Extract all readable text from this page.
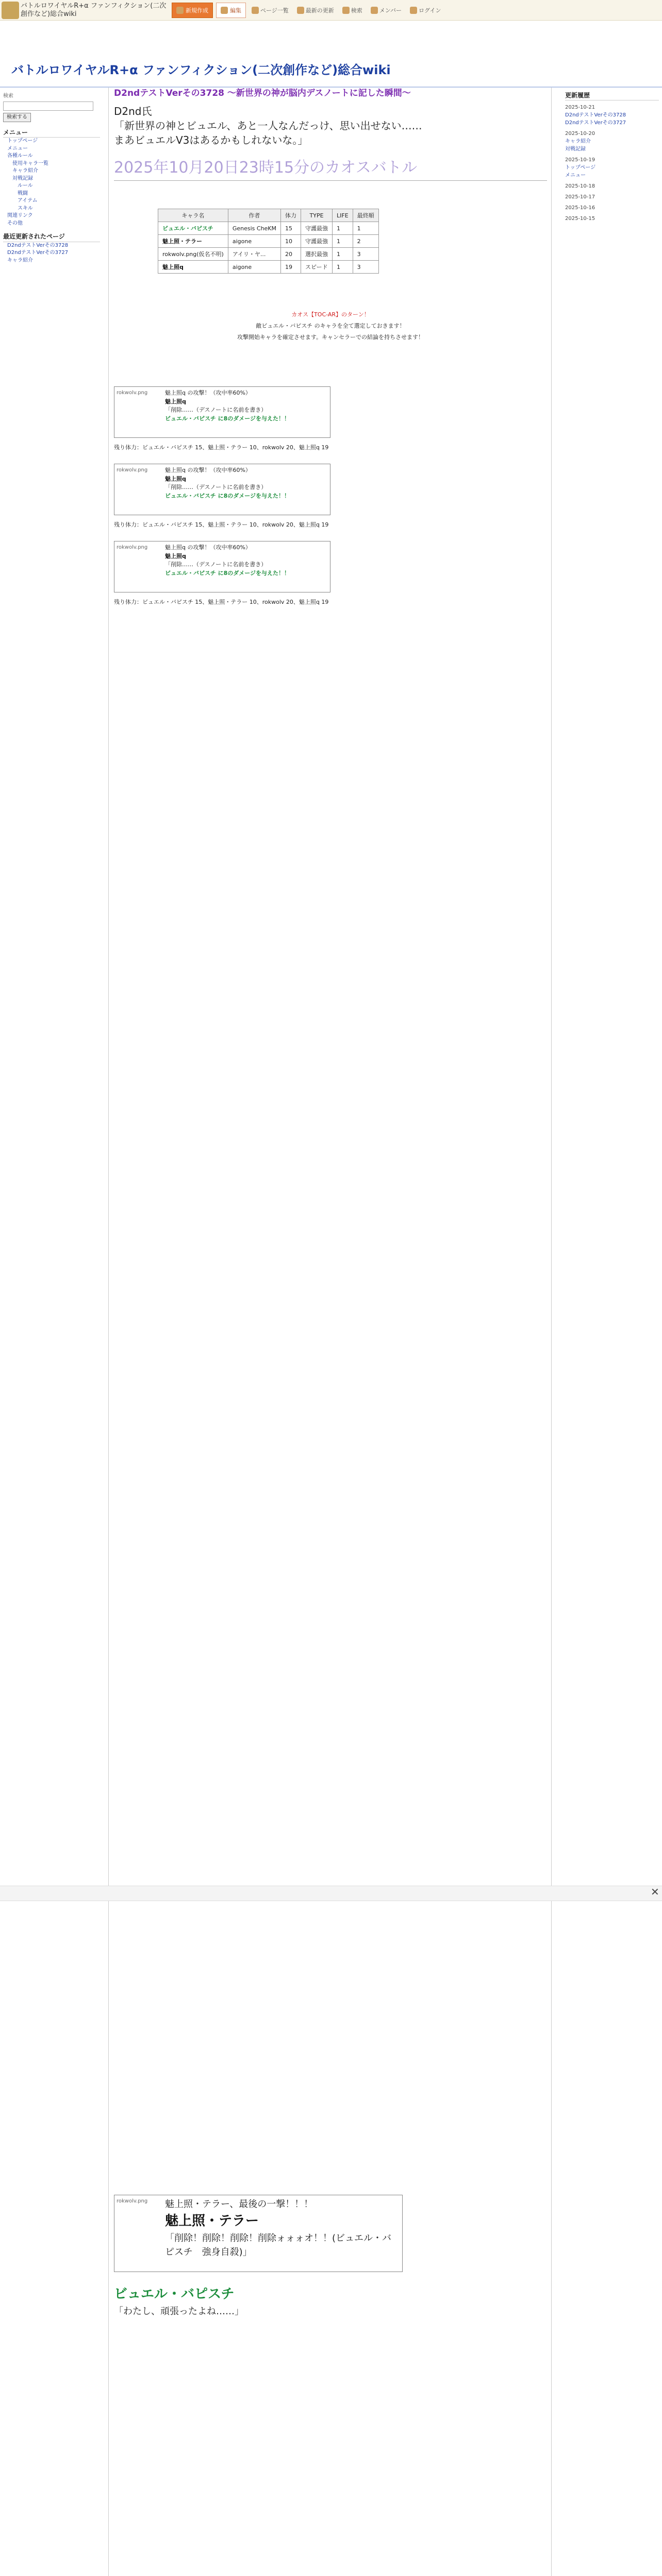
バトルロワイヤルR+α ファンフィクション(二次創作など)総合wiki	新規作成	編集	ページ一覧	最新の更新	検索	メンバー	ログイン
バトルロワイヤルR+α ファンフィクション(二次創作など)総合wiki
検索
検索する
メニュー
トップページ
メニュー
各種ルール
使用キャラ一覧
キャラ紹介
対戦記録
ルール
戦闘
アイテム
スキル
関連リンク
その他
最近更新されたページ
D2ndテストVerその3728
D2ndテストVerその3727
キャラ紹介
D2ndテストVerその3728 ～新世界の神が脳内デスノートに記した瞬間～
D2nd氏
「新世界の神とビュエル、あと一人なんだっけ、思い出せない……
まあビュエルV3はあるかもしれないな。」
2025年10月20日23時15分のカオスバトル
キャラ名	作者	体力	TYPE	LIFE	最終順
ビュエル・バピスチ	Genesis CheKM	15	守護最強	1	1
魅上照・テラー	aigone	10	守護最強	1	2
rokwolv.png(仮名不明)	アイリ・ヤ...	20	選択最強	1	3
魅上照q	aigone	19	スピード	1	3
カオス【TOC-AR】のターン！
敵ビュエル・バピスチ のキャラを全て選定しておきます！
攻撃開始キャラを確定させます。キャンセラーでの結論を持ちさせます！
rokwolv.png	魅上照q の攻撃！（攻中率60%）
魅上照q
「削除……（デスノートに名前を書き）
ビュエル・バピスチ に8のダメージを与えた！！
残り体力：ビュエル・バピスチ 15、魅上照・テラー 10、rokwolv 20、魅上照q 19
rokwolv.png	魅上照q の攻撃！（攻中率60%）
魅上照q
「削除……（デスノートに名前を書き）
ビュエル・バピスチ に8のダメージを与えた！！
残り体力：ビュエル・バピスチ 15、魅上照・テラー 10、rokwolv 20、魅上照q 19
rokwolv.png	魅上照q の攻撃！（攻中率60%）
魅上照q
「削除……（デスノートに名前を書き）
ビュエル・バピスチ に8のダメージを与えた！！
残り体力：ビュエル・バピスチ 15、魅上照・テラー 10、rokwolv 20、魅上照q 19
rokwolv.png	魅上照・テラー、最後の一撃！！！
魅上照・テラー
「削除！削除！削除！削除ォォォオ！！(ビュエル・バピスチ　強身自殺)」
ビュエル・バピスチ
「わたし、頑張ったよね……」
✕
更新履歴
2025-10-21
D2ndテストVerその3728
D2ndテストVerその3727
2025-10-20
キャラ紹介
対戦記録
2025-10-19
トップページ
メニュー
2025-10-18
2025-10-17
2025-10-16
2025-10-15
